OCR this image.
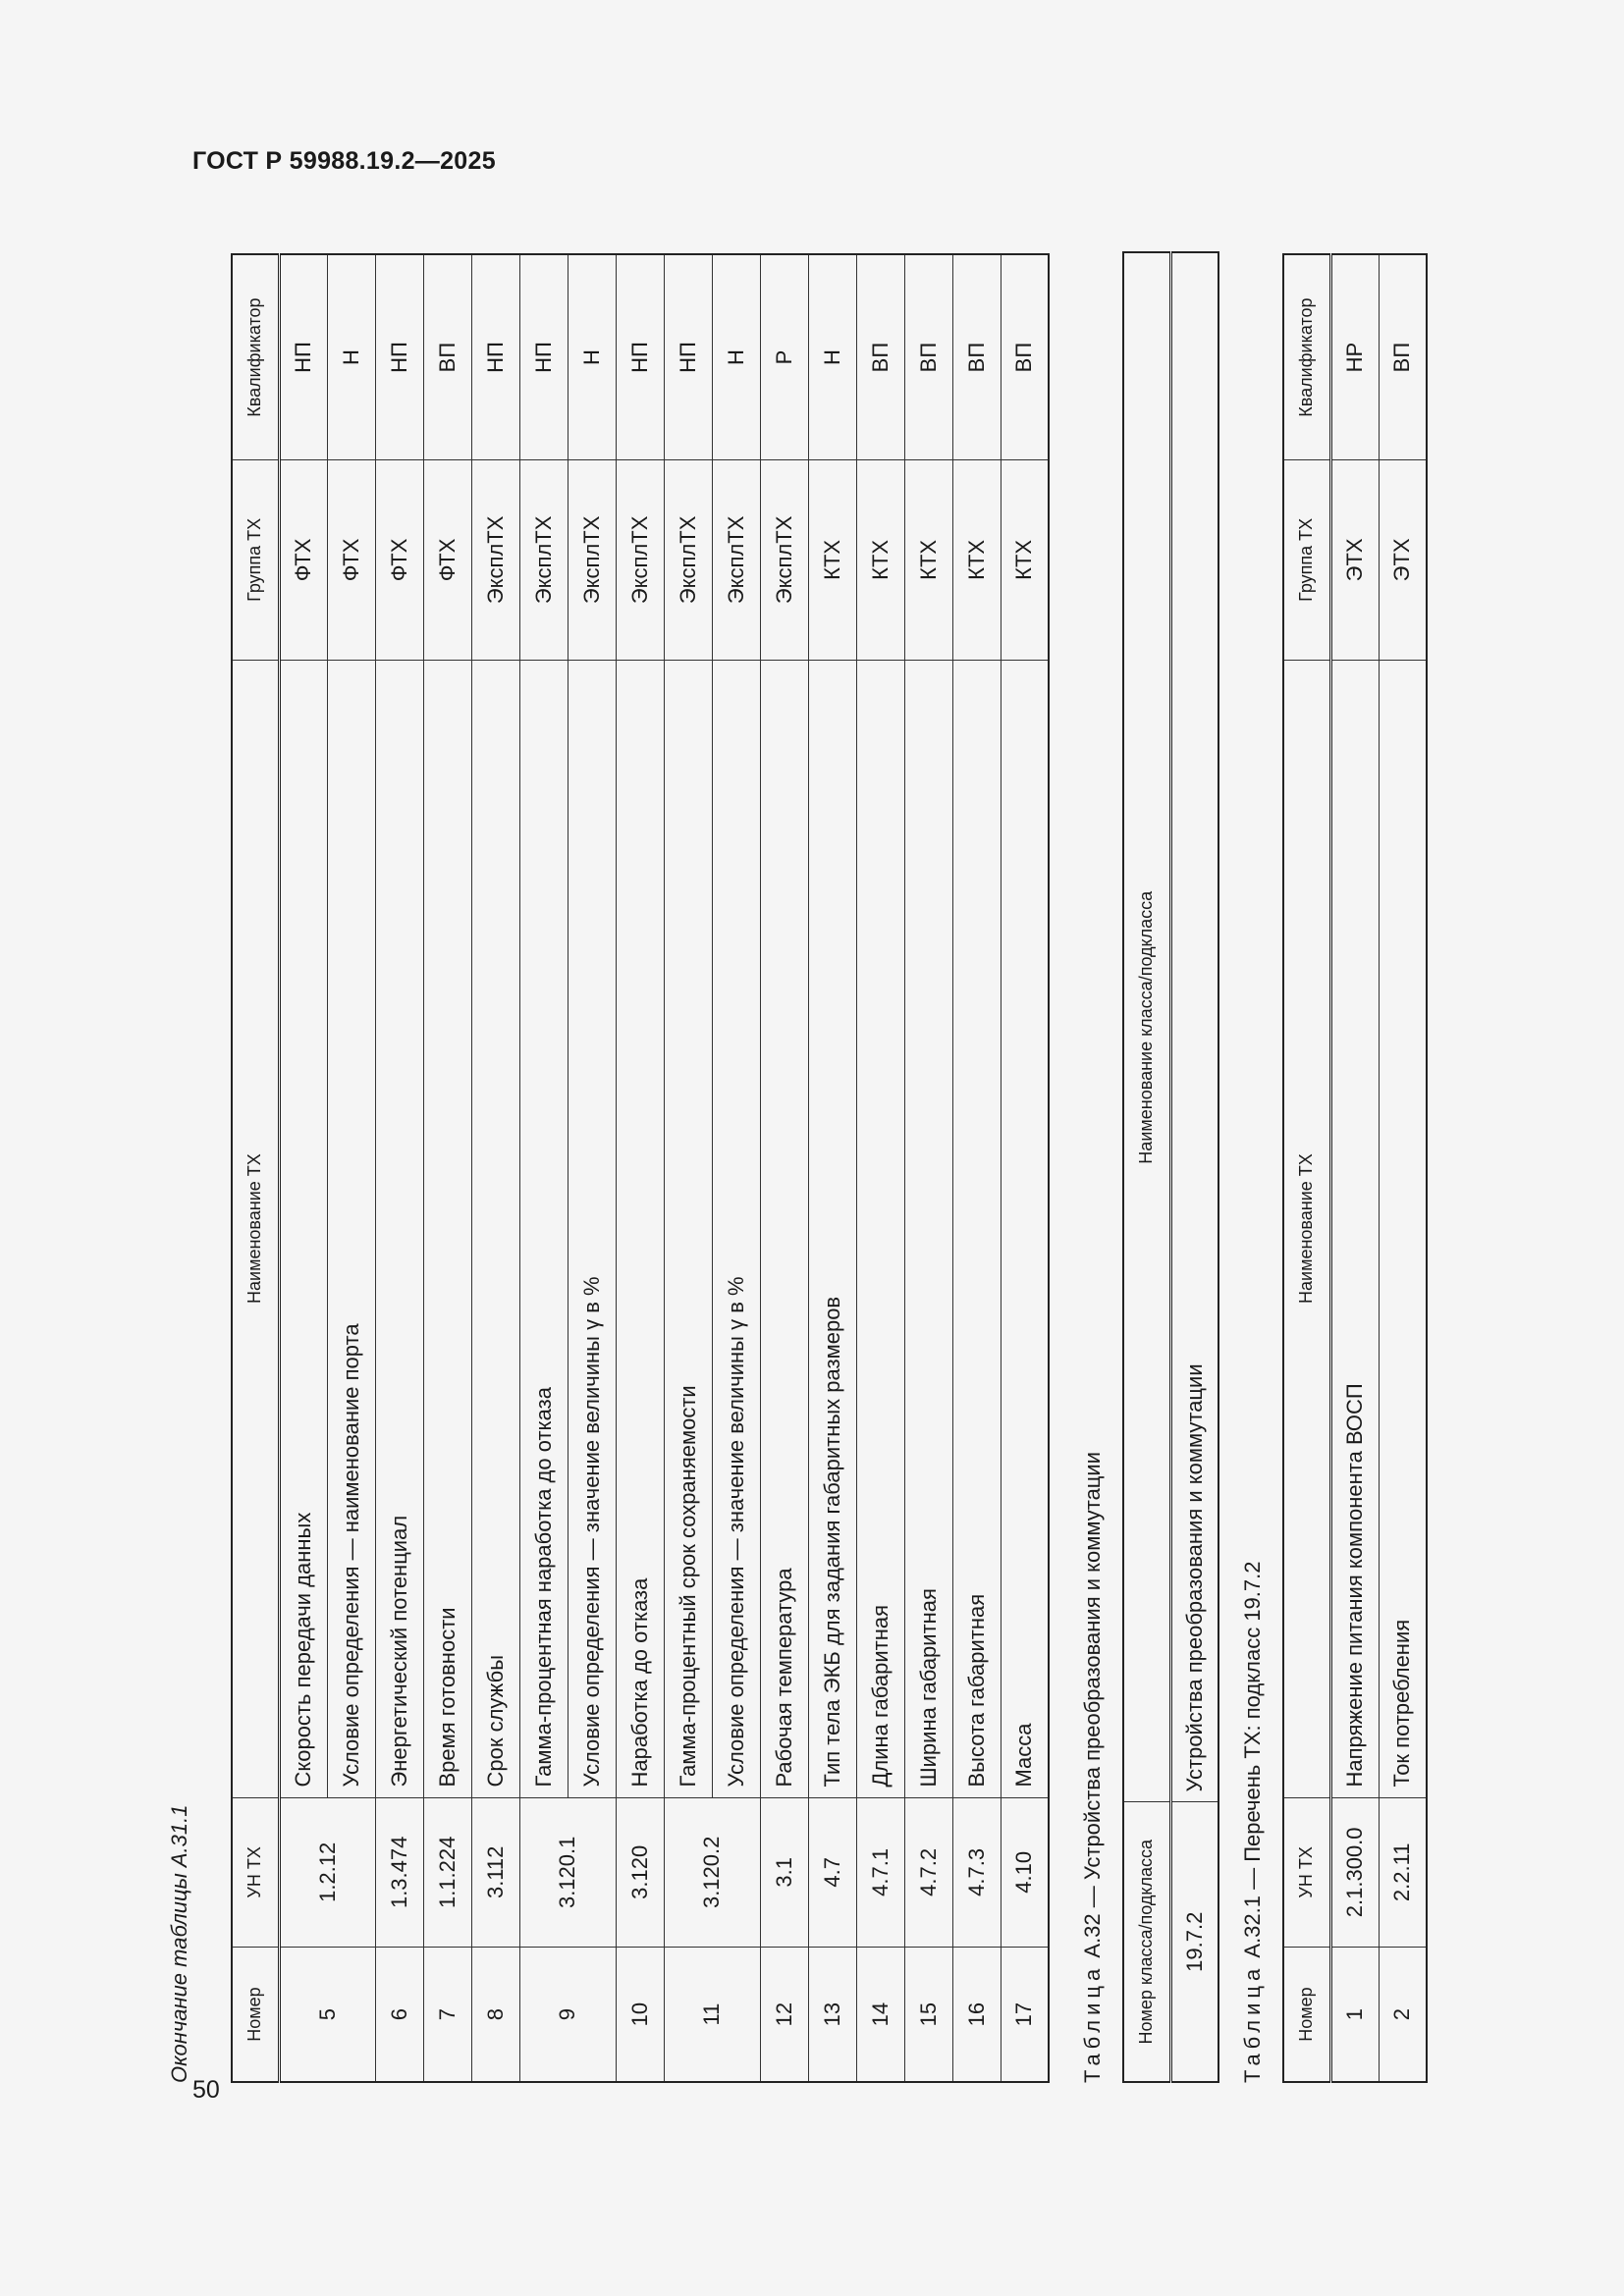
ГОСТ Р 59988.19.2—2025
50
Окончание таблицы А.31.1	Номер	УН ТХ	Наименование ТХ	Группа ТХ	Квалификатор
5	1.2.12	Скорость передачи данных	ФТХ	НП
		Условие определения — наименование порта	ФТХ	Н
6	1.3.474	Энергетический потенциал	ФТХ	НП
7	1.1.224	Время готовности	ФТХ	ВП
8	3.112	Срок службы	ЭксплТХ	НП
9	3.120.1	Гамма-процентная наработка до отказа	ЭксплТХ	НП
		Условие определения — значение величины γ в %	ЭксплТХ	Н
10	3.120	Наработка до отказа	ЭксплТХ	НП
11	3.120.2	Гамма-процентный срок сохраняемости	ЭксплТХ	НП
		Условие определения — значение величины γ в %	ЭксплТХ	Н
12	3.1	Рабочая температура	ЭксплТХ	Р
13	4.7	Тип тела ЭКБ для задания габаритных размеров	КТХ	Н
14	4.7.1	Длина габаритная	КТХ	ВП
15	4.7.2	Ширина габаритная	КТХ	ВП
16	4.7.3	Высота габаритная	КТХ	ВП
17	4.10	Масса	КТХ	ВП
Таблица А.32 — Устройства преобразования и коммутации Номер класса/подкласса	Наименование класса/подкласса
19.7.2	Устройства преобразования и коммутации
Таблица А.32.1 — Перечень ТХ: подкласс 19.7.2
Номер	УН ТХ	Наименование ТХ	Группа ТХ	Квалификатор
1	2.1.300.0	Напряжение питания компонента ВОСП	ЭТХ	НР
2	2.2.11	Ток потребления	ЭТХ	ВП
